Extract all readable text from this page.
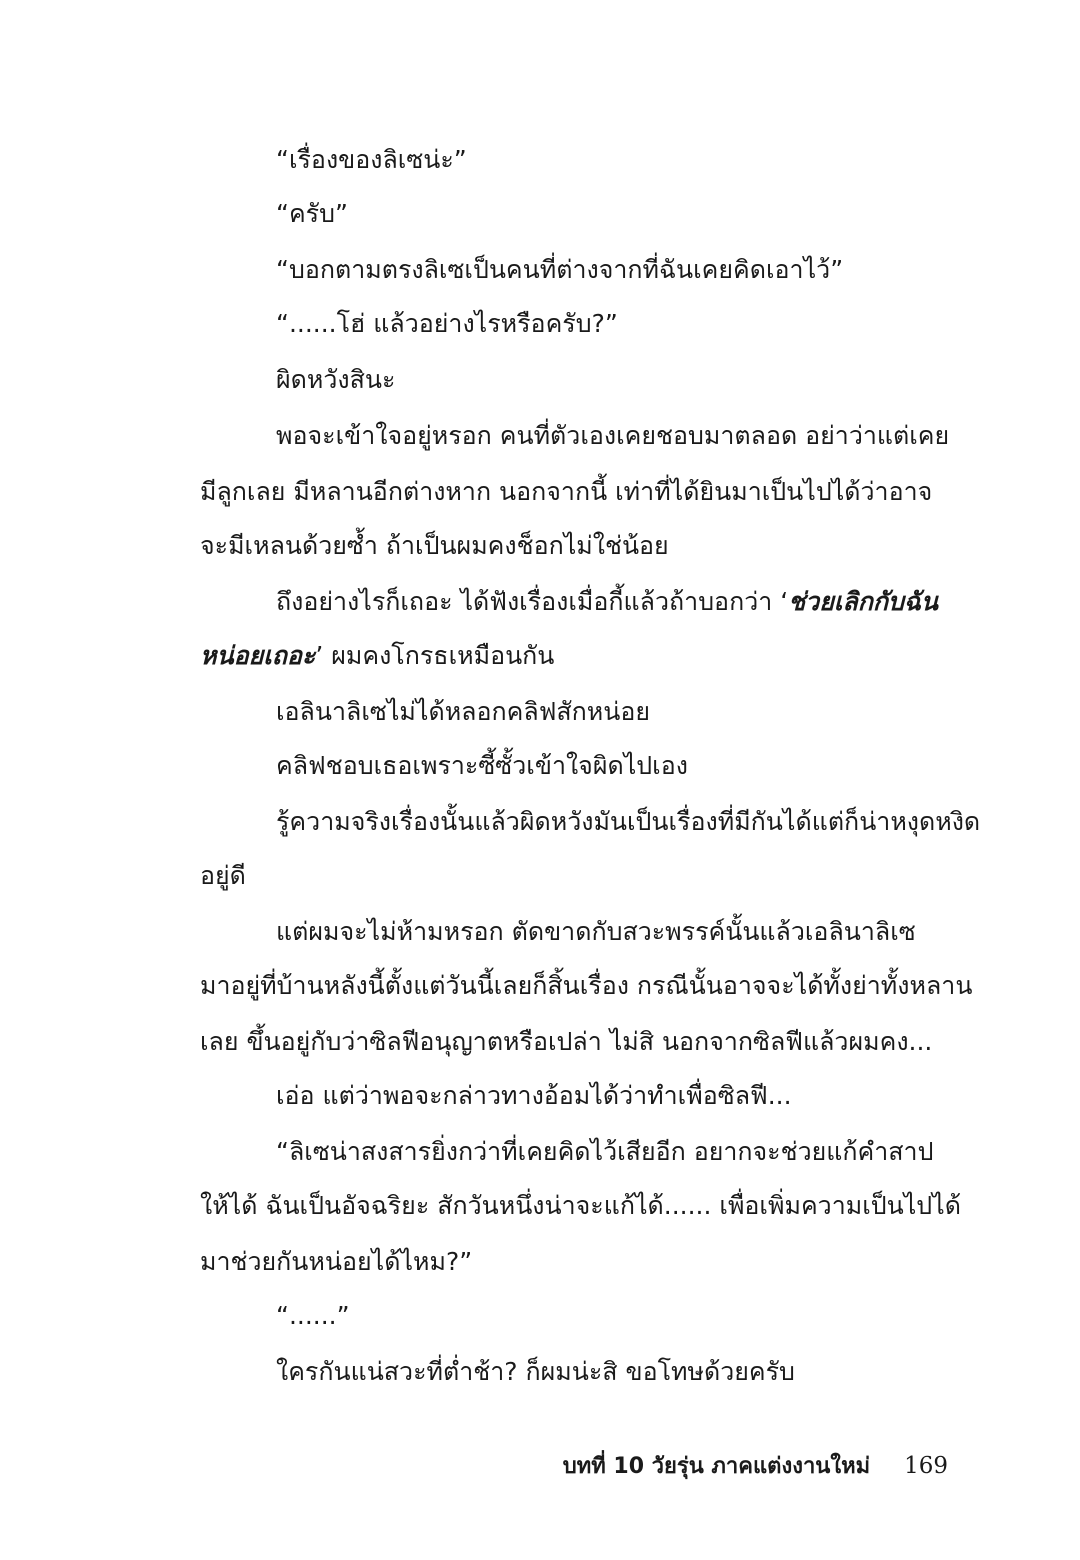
“เรื่องของลิเซน่ะ”
“ครับ”
“บอกตามตรงลิเซเป็นคนที่ต่างจากที่ฉันเคยคิดเอาไว้”
“......โฮ่ แล้วอย่างไรหรือครับ?”
ผิดหวังสินะ
พอจะเข้าใจอยู่หรอก คนที่ตัวเองเคยชอบมาตลอด อย่าว่าแต่เคย
มีลูกเลย มีหลานอีกต่างหาก นอกจากนี้ เท่าที่ได้ยินมาเป็นไปได้ว่าอาจ
จะมีเหลนด้วยซ้ำ ถ้าเป็นผมคงช็อกไม่ใช่น้อย
ถึงอย่างไรก็เถอะ ได้ฟังเรื่องเมื่อกี้แล้วถ้าบอกว่า ‘ช่วยเลิกกับฉัน
หน่อยเถอะ’ ผมคงโกรธเหมือนกัน
เอลินาลิเซไม่ได้หลอกคลิฟสักหน่อย
คลิฟชอบเธอเพราะซี้ซั้วเข้าใจผิดไปเอง
รู้ความจริงเรื่องนั้นแล้วผิดหวังมันเป็นเรื่องที่มีกันได้แต่ก็น่าหงุดหงิด
อยู่ดี
แต่ผมจะไม่ห้ามหรอก ตัดขาดกับสวะพรรค์นั้นแล้วเอลินาลิเซ
มาอยู่ที่บ้านหลังนี้ตั้งแต่วันนี้เลยก็สิ้นเรื่อง กรณีนั้นอาจจะได้ทั้งย่าทั้งหลาน
เลย ขึ้นอยู่กับว่าซิลฟีอนุญาตหรือเปล่า ไม่สิ นอกจากซิลฟีแล้วผมคง...
เอ่อ แต่ว่าพอจะกล่าวทางอ้อมได้ว่าทำเพื่อซิลฟี...
“ลิเซน่าสงสารยิ่งกว่าที่เคยคิดไว้เสียอีก อยากจะช่วยแก้คำสาป
ให้ได้ ฉันเป็นอัจฉริยะ สักวันหนึ่งน่าจะแก้ได้...... เพื่อเพิ่มความเป็นไปได้
มาช่วยกันหน่อยได้ไหม?”
“......”
ใครกันแน่สวะที่ต่ำช้า? ก็ผมน่ะสิ ขอโทษด้วยครับ
บทที่ 10 วัยรุ่น ภาคแต่งงานใหม่ 169
